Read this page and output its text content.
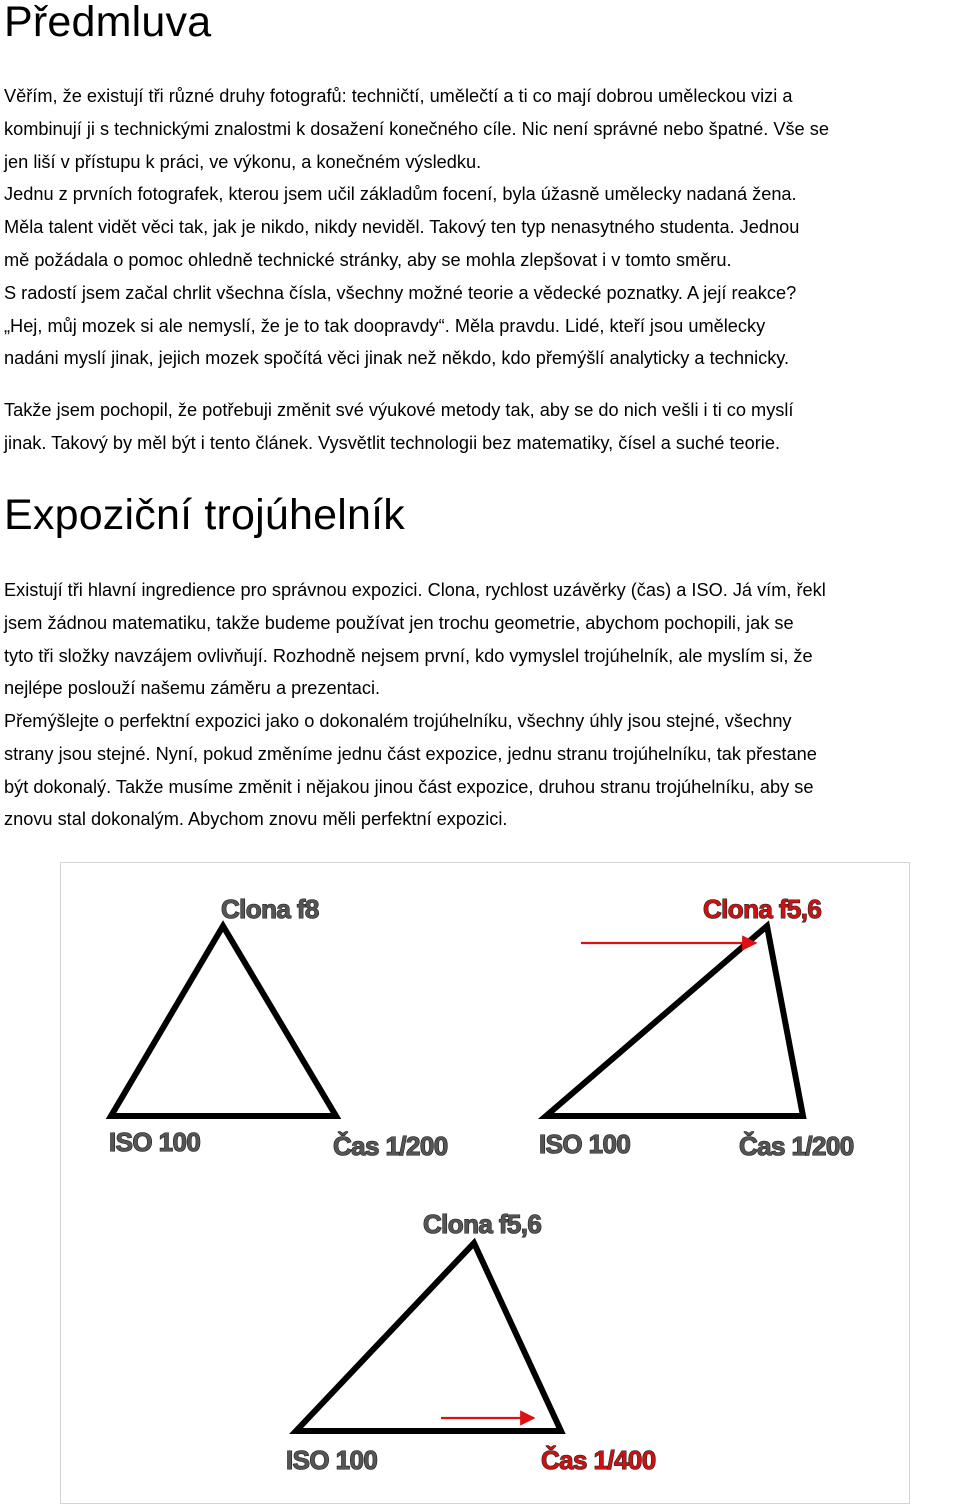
Předmluva

Věřím, že existují tři různé druhy fotografů: techničtí, umělečtí a ti co mají dobrou uměleckou vizi a
kombinují ji s technickými znalostmi k dosažení konečného cíle. Nic není správné nebo špatné. Vše se
jen liší v přístupu k práci, ve výkonu, a konečném výsledku.
Jednu z prvních fotografek, kterou jsem učil základům focení, byla úžasně umělecky nadaná žena.
Měla talent vidět věci tak, jak je nikdo, nikdy neviděl. Takový ten typ nenasytného studenta. Jednou
mě požádala o pomoc ohledně technické stránky, aby se mohla zlepšovat i v tomto směru.
S radostí jsem začal chrlit všechna čísla, všechny možné teorie a vědecké poznatky. A její reakce?
„Hej, můj mozek si ale nemyslí, že je to tak doopravdy“. Měla pravdu. Lidé, kteří jsou umělecky
nadáni myslí jinak, jejich mozek spočítá věci jinak než někdo, kdo přemýšlí analyticky a technicky.

Takže jsem pochopil, že potřebuji změnit své výukové metody tak, aby se do nich vešli i ti co myslí
jinak. Takový by měl být i tento článek. Vysvětlit technologii bez matematiky, čísel a suché teorie.

Expoziční trojúhelník

Existují tři hlavní ingredience pro správnou expozici. Clona, rychlost uzávěrky (čas) a ISO. Já vím, řekl
jsem žádnou matematiku, takže budeme používat jen trochu geometrie, abychom pochopili, jak se
tyto tři složky navzájem ovlivňují. Rozhodně nejsem první, kdo vymyslel trojúhelník, ale myslím si, že
nejlépe poslouží našemu záměru a prezentaci.

Přemýšlejte o perfektní expozici jako o dokonalém trojúhelníku, všechny úhly jsou stejné, všechny
strany jsou stejné. Nyní, pokud změníme jednu část expozice, jednu stranu trojúhelníku, tak přestane
být dokonalý. Takže musíme změnit i nějakou jinou část expozice, druhou stranu trojúhelníku, aby se
znovu stal dokonalým. Abychom znovu měli perfektní expozici.

Clona f8
ISO 100	Čas 1/200
Clona f5,6
ISO 100	Čas 1/200
Clona f5,6
ISO 100	Čas 1/400
